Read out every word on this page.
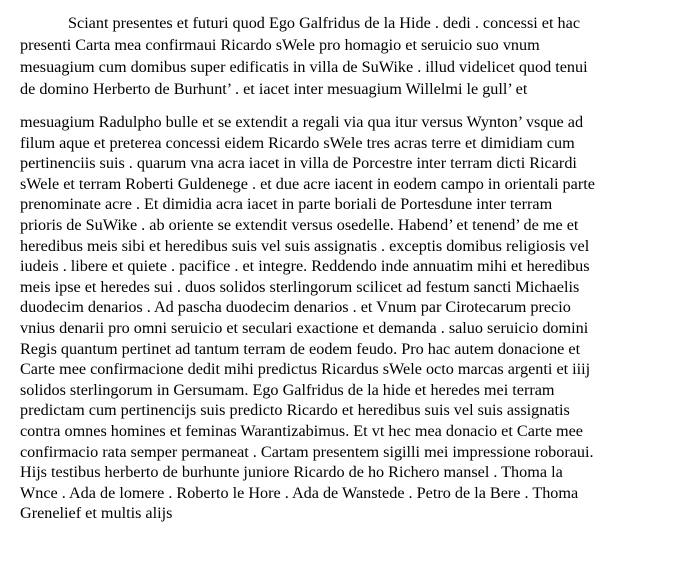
Sciant presentes et futuri quod Ego Galfridus de la Hide . dedi . concessi et hac
presenti Carta mea confirmaui Ricardo sWele pro homagio et seruicio suo vnum
mesuagium cum domibus super edificatis in villa de SuWike . illud videlicet quod tenui
de domino Herberto de Burhunt’ . et iacet inter mesuagium Willelmi le gull’ et
mesuagium Radulpho bulle et se extendit a regali via qua itur versus Wynton’ vsque ad
filum aque et preterea concessi eidem Ricardo sWele tres acras terre et dimidiam cum
pertinenciis suis . quarum vna acra iacet in villa de Porcestre inter terram dicti Ricardi
sWele et terram Roberti Guldenege . et due acre iacent in eodem campo in orientali parte
prenominate acre . Et dimidia acra iacet in parte boriali de Portesdune inter terram
prioris de SuWike . ab oriente se extendit versus osedelle. Habend’ et tenend’ de me et
heredibus meis sibi et heredibus suis vel suis assignatis . exceptis domibus religiosis vel
iudeis . libere et quiete . pacifice . et integre. Reddendo inde annuatim mihi et heredibus
meis ipse et heredes sui . duos solidos sterlingorum scilicet ad festum sancti Michaelis
duodecim denarios . Ad pascha duodecim denarios . et Vnum par Cirotecarum precio
vnius denarii pro omni seruicio et seculari exactione et demanda . saluo seruicio domini
Regis quantum pertinet ad tantum terram de eodem feudo. Pro hac autem donacione et
Carte mee confirmacione dedit mihi predictus Ricardus sWele octo marcas argenti et iiij
solidos sterlingorum in Gersumam. Ego Galfridus de la hide et heredes mei terram
predictam cum pertinencijs suis predicto Ricardo et heredibus suis vel suis assignatis
contra omnes homines et feminas Warantizabimus. Et vt hec mea donacio et Carte mee
confirmacio rata semper permaneat . Cartam presentem sigilli mei impressione roboraui.
Hijs testibus herberto de burhunte juniore Ricardo de ho Richero mansel . Thoma la
Wnce . Ada de lomere . Roberto le Hore . Ada de Wanstede . Petro de la Bere . Thoma
Grenelief et multis alijs
